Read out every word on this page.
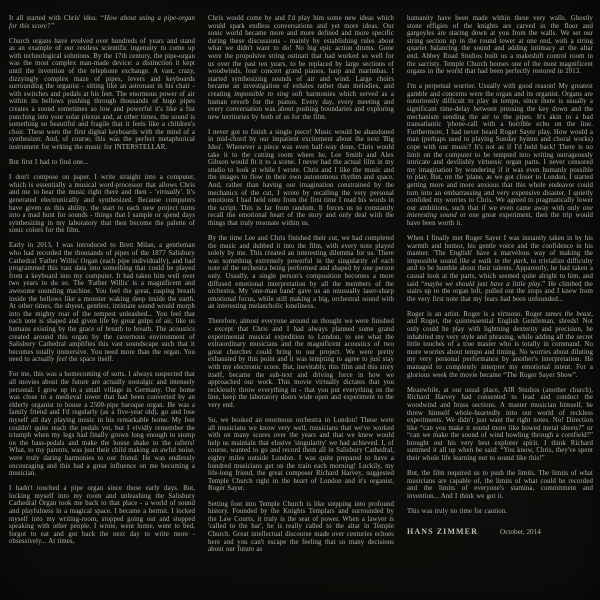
It all started with Chris' idea: “How about using a pipe-organ for this score?”

Church organs have evolved over hundreds of years and stand as an example of our restless scientific ingenuity to come up with technological solutions. By the 17th century, the pipe-organ was the most complex man-made device: a distinction it kept until the invention of the telephone exchange. A vast, crazy, dizzyingly complex maze of pipes, levers and keyboards surrounding the organist - sitting like an astronaut in his chair - with switches and pedals at his feet. The enormous power of air within its bellows pushing through thousands of huge pipes creates a sound sometimes so low and powerful it's like a fist punching into your solar plexus and, at other times, the sound is something so beautiful and fragile that it feels like a children's choir. These were the first digital keyboards with the mind of a synthesizer. And, of course, this was the perfect metaphorical instrument for writing the music for INTERSTELLAR.

But first I had to find one...

I don't compose on paper. I write straight into a computer, which is essentially a musical word-processor that allows Chris and me to hear the music right there and then - 'virtually'. It's generated electronically and synthesized. Because computers have given us this ability, the start to each new project turns into a mad hunt for sounds - things that I sample or spend days synthesizing in my laboratory that then become the palette of sonic colors for the film.

Early in 2013, I was introduced to Brett Milan, a gentleman who had recorded the thousands of pipes of the 1877 Salisbury Cathedral 'Father Willis' Organ (each pipe individually), and had programmed this vast data into something that could be played from a keyboard into my computer. It had taken him well over two years to do so. The 'Father Willis' is a magnificent and awesome sounding machine. You feel the great, rasping breath inside the bellows like a monster waking deep inside the earth. At other times, the shyest, gentlest, intimate sound would morph into the mighty roar of the tempest unleashed... You feel that each note is shaped and given life by great gulps of air, like us humans existing by the grace of breath to breath. The acoustics created around this organ by the cavernous environment of Salisbury Cathedral amplifies this vast soundscape such that it becomes totally immersive. You need more than the organ. You need to actually feel the space itself.

For me, this was a homecoming of sorts. I always suspected that all movies about the future are actually nostalgic and intensely personal. I grew up in a small village in Germany. Our home was close to a medieval tower that had been converted by an elderly organist to house a 2500-pipe baroque organ. He was a family friend and I'd regularly (as a five-year old), go and lose myself all day playing music in his remarkable home. My feet couldn't quite reach the pedals yet, but I vividly remember the triumph when my legs had finally grown long enough to stomp on the bass-pedals and make the house shake to the rafters! What, to my parents, was just their child making an awful noise, were truly daring harmonies to our friend. He was endlessly encouraging and this had a great influence on me becoming a musician.

I hadn't touched a pipe organ since those early days. But, locking myself into my room and unleashing the Salisbury Cathedral Organ took me back to that place - a world of sound and playfulness in a magical space. I became a hermit. I locked myself into my writing-room, stopped going out and stopped speaking with other people. I wrote, went home, went to bed, forgot to eat and got back the next day to write more - obsessively... At times,

Chris would come by and I'd play him some new ideas which would spark endless conversations and yet more ideas. Our sonic world became more and more defined and more specific during these discussions - mainly by establishing rules about what we didn't want to do! No big epic action drums. Gone were the propulsive string ostinati that had worked so well for us over the past ten years, to be replaced by large sections of woodwinds, four concert grand pianos, harp and marimbas. I started synthesizing sounds of air and wind. Large choirs became an investigation of exhales rather than melodies, and creating impossible to sing soft harmonies which served as a human reverb for the pianos. Every day, every meeting and every conversation was about pushing boundaries and exploring new territories by both of us for the film.

I never got to finish a single piece! Music would be abandoned in mid-chord by our impatient excitement about the next 'Big Idea'. Whenever a piece was even half-way done, Chris would take it to the cutting room where he, Lee Smith and Alex Gibson would fit it to a scene. I never had the actual film in my studio to look at while I wrote. Chris and I like the music and the images to flow in their own autonomous rhythm and space. And, rather than having our imagination constrained by the mechanics of the cut, I wrote by recalling the very personal emotions I had held onto from the first time I read his words in the script. This is far from random. It forces us to constantly recall the emotional heart of the story and only deal with the things that truly resonate within us.

By the time Lee and Chris finished their cut, we had completed the music and dubbed it into the film, with every note played solely by me. This created an interesting dilemma for us. There was something extremely powerful in the singularity of each note of the orchestra being performed and shaped by one person only. Usually, a single person's composition becomes a more diffused emotional interpretation by all the members of the orchestra. My 'one-man band' gave us an unusually laser-sharp emotional focus, while still making a big, orchestral sound with an interesting melancholic loneliness.

Therefore, almost everyone around us thought we were finished - except that Chris and I had always planned some grand experimental musical expedition to London, to see what the extraordinary musicians and the magnificent acoustics of two great churches could bring to our project. We were pretty exhausted by this point and it was tempting to agree to just stay with my electronic score. But, inevitably, this film and this story itself, became the sub-text and driving force in how we approached our work. This movie virtually dictates that you recklessly throw everything in - that you put everything on the line, keep the laboratory doors wide open and experiment to the very end.

So, we booked an enormous orchestra in London! These were all musicians we know very well, musicians that we've worked with on many scores over the years and that we knew would help us maintain that elusive 'singularity' we had achieved. I, of course, wanted to go and record them all in Salisbury Cathedral, eighty miles outside London. I was quite prepared to have a hundred musicians get on the train each morning! Luckily, my life-long friend, the great composer Richard Harvey, suggested Temple Church right in the heart of London and it's organist, Roger Sayer.

Setting foot into Temple Church is like stepping into profound history. Founded by the Knights Templars and surrounded by the Law Courts, it truly is the seat of power. When a lawyer is 'called to the bar', he is really called to the altar in Temple Church. Great intellectual discourse made over centuries echoes here and you can't escape the feeling that so many decisions about our future as

humanity have been made within these very walls. Ghostly stone effigies of the knights are carved in the floor and gargoyles are staring down at you from the walls. We set our string section up in the round tower at one end, with a string quartet balancing the sound and adding intimacy at the altar end. Abbey Road Studios built us a makeshift control room in the sacristy. Temple Church houses one of the most magnificent organs in the world that had been perfectly restored in 2013.

I'm a perpetual worrier. Usually with good reason! My greatest gamble and concerns were the organ and its organist. Organs are notoriously difficult to play in tempo, since there is usually a significant time-delay between pressing the key down and the mechanism sending the air to the pipes. It's akin to a bad transatlantic 'phone-call with a horrible echo on the line. Furthermore, I had never heard Roger Sayer play. How would a man (perhaps used to playing Sunday hymns and choral works) cope with our music? It's not as if I'd held back! There is no limit on the computer to be tempted into writing outrageously intricate and devilishly virtuosic organ parts. I never censored my imagination by wondering if it was even humanly possible to play. But, on the 'plane, as we got closer to London, I started getting more and more anxious that this whole endeavor could turn into an embarrassing and very expensive disaster. I quietly confided my worries to Chris. We agreed to pragmatically lower our ambitions, such that if we even came away with only one interesting sound or one great experiment, then the trip would have been worth it.

When I finally met Roger Sayer I was instantly taken in by his warmth and humor, his gentle voice and the confidence in his manner. 'The English' have a marvelous way of making the impossible sound like a walk in the park, to trivialize difficulty and to be humble about their talents. Apparently, he had taken a casual look at the parts, which seemed quite alright to him, and said “maybe we should just have a little play.” He climbed the stairs up to the organ loft, pulled out the stops and I knew from the very first note that my fears had been unfounded...

Roger is an artist. Roger is a virtuoso. Roger tames the beast, and Roger, the quintessential English Gentleman, shreds! Not only could he play with lightning dexterity and precision, he inhabited my very style and phrasing, while adding all the secret little touches of a true master who is totally in command. No more worries about tempo and timing. No worries about diluting my very personal performance by another's interpretation. He managed to completely interpret my emotional intent. For a glorious week the movie became “The Roger Sayer Show”.

Meanwhile, at our usual place, AIR Studios (another church), Richard Harvey had consented to lead and conduct the woodwind and brass sections. A master musician himself, he threw himself whole-heartedly into our world of reckless experiments. We didn't just want the right notes. No! Direction like “can you make it sound more like bowed metal sheets?” or “can we make the sound of wind howling through a cornfield?” brought out his very best explorer spirit. I think Richard summed it all up when he said: “You know, Chris, they've spent their whole life learning not to sound like this!”

But, the film required us to push the limits. The limits of what musicians are capable of, the limits of what could be recorded and the limits of everyone's stamina, commitment and invention... And I think we got it.

This was truly no time for caution.

HANS ZIMMER	October, 2014
